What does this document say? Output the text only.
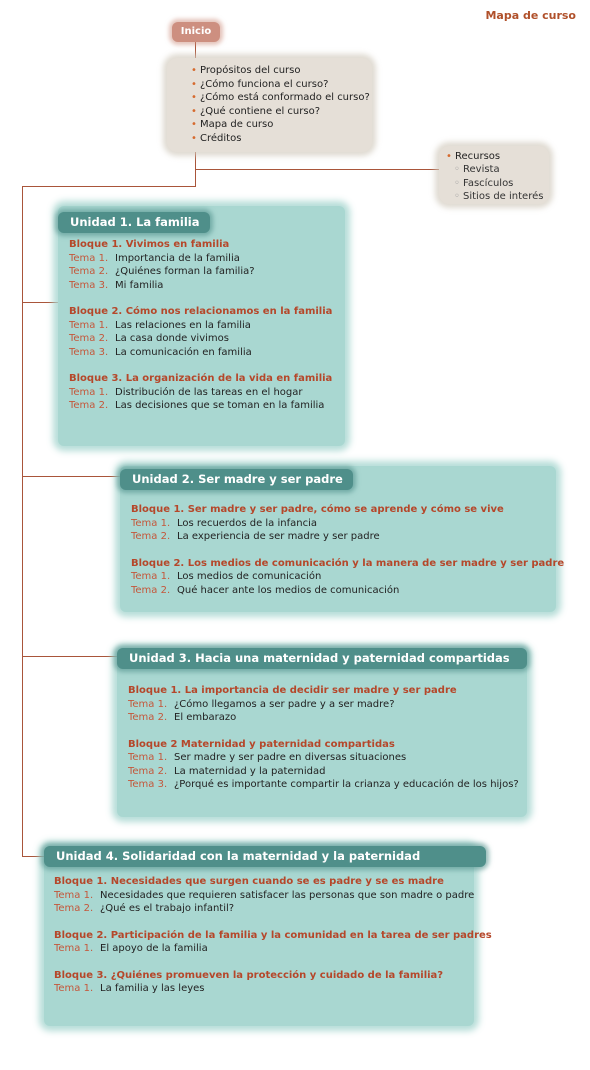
Mapa de curso
Inicio
• Propósitos del curso
• ¿Cómo funciona el curso?
• ¿Cómo está conformado el curso?
• ¿Qué contiene el curso?
• Mapa de curso
• Créditos
• Recursos
◦ Revista
◦ Fascículos
◦ Sitios de interés
Unidad 1. La familia
Bloque 1. Vivimos en familia
Tema 1. Importancia de la familia
Tema 2. ¿Quiénes forman la familia?
Tema 3. Mi familia
Bloque 2. Cómo nos relacionamos en la familia
Tema 1. Las relaciones en la familia
Tema 2. La casa donde vivimos
Tema 3. La comunicación en familia
Bloque 3. La organización de la vida en familia
Tema 1. Distribución de las tareas en el hogar
Tema 2. Las decisiones que se toman en la familia
Unidad 2. Ser madre y ser padre
Bloque 1. Ser madre y ser padre, cómo se aprende y cómo se vive
Tema 1. Los recuerdos de la infancia
Tema 2. La experiencia de ser madre y ser padre
Bloque 2. Los medios de comunicación y la manera de ser madre y ser padre
Tema 1. Los medios de comunicación
Tema 2. Qué hacer ante los medios de comunicación
Unidad 3. Hacia una maternidad y paternidad compartidas
Bloque 1. La importancia de decidir ser madre y ser padre
Tema 1. ¿Cómo llegamos a ser padre y a ser madre?
Tema 2. El embarazo
Bloque 2 Maternidad y paternidad compartidas
Tema 1. Ser madre y ser padre en diversas situaciones
Tema 2. La maternidad y la paternidad
Tema 3. ¿Porqué es importante compartir la crianza y educación de los hijos?
Unidad 4. Solidaridad con la maternidad y la paternidad
Bloque 1. Necesidades que surgen cuando se es padre y se es madre
Tema 1. Necesidades que requieren satisfacer las personas que son madre o padre
Tema 2. ¿Qué es el trabajo infantil?
Bloque 2. Participación de la familia y la comunidad en la tarea de ser padres
Tema 1. El apoyo de la familia
Bloque 3. ¿Quiénes promueven la protección y cuidado de la familia?
Tema 1. La familia y las leyes
